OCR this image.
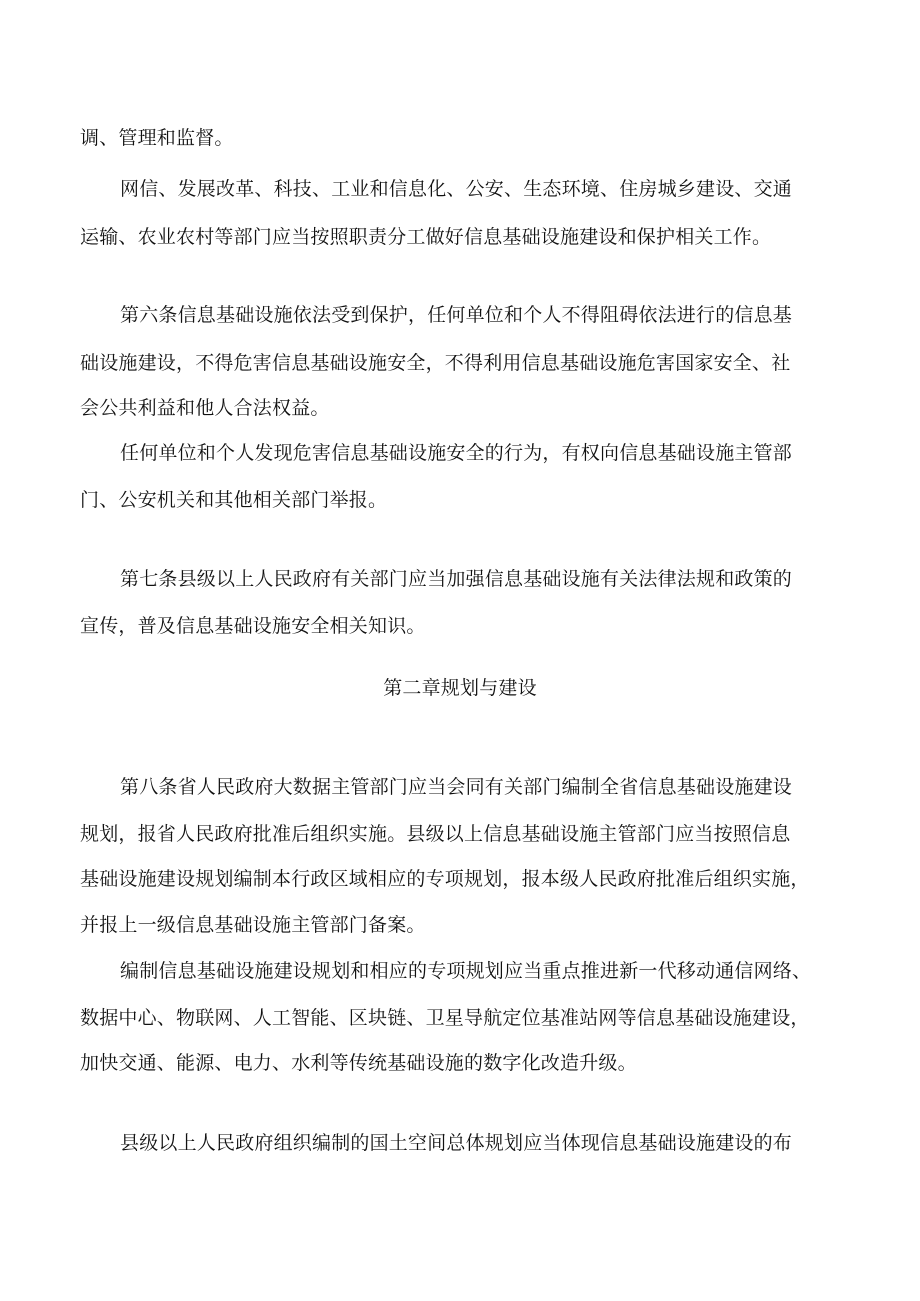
调、管理和监督。
网信、发展改革、科技、工业和信息化、公安、生态环境、住房城乡建设、交通
运输、农业农村等部门应当按照职责分工做好信息基础设施建设和保护相关工作。
第六条信息基础设施依法受到保护，任何单位和个人不得阻碍依法进行的信息基
础设施建设，不得危害信息基础设施安全，不得利用信息基础设施危害国家安全、社
会公共利益和他人合法权益。
任何单位和个人发现危害信息基础设施安全的行为，有权向信息基础设施主管部
门、公安机关和其他相关部门举报。
第七条县级以上人民政府有关部门应当加强信息基础设施有关法律法规和政策的
宣传，普及信息基础设施安全相关知识。
第二章规划与建设
第八条省人民政府大数据主管部门应当会同有关部门编制全省信息基础设施建设
规划，报省人民政府批准后组织实施。县级以上信息基础设施主管部门应当按照信息
基础设施建设规划编制本行政区域相应的专项规划，报本级人民政府批准后组织实施，
并报上一级信息基础设施主管部门备案。
编制信息基础设施建设规划和相应的专项规划应当重点推进新一代移动通信网络、
数据中心、物联网、人工智能、区块链、卫星导航定位基准站网等信息基础设施建设，
加快交通、能源、电力、水利等传统基础设施的数字化改造升级。
县级以上人民政府组织编制的国土空间总体规划应当体现信息基础设施建设的布
